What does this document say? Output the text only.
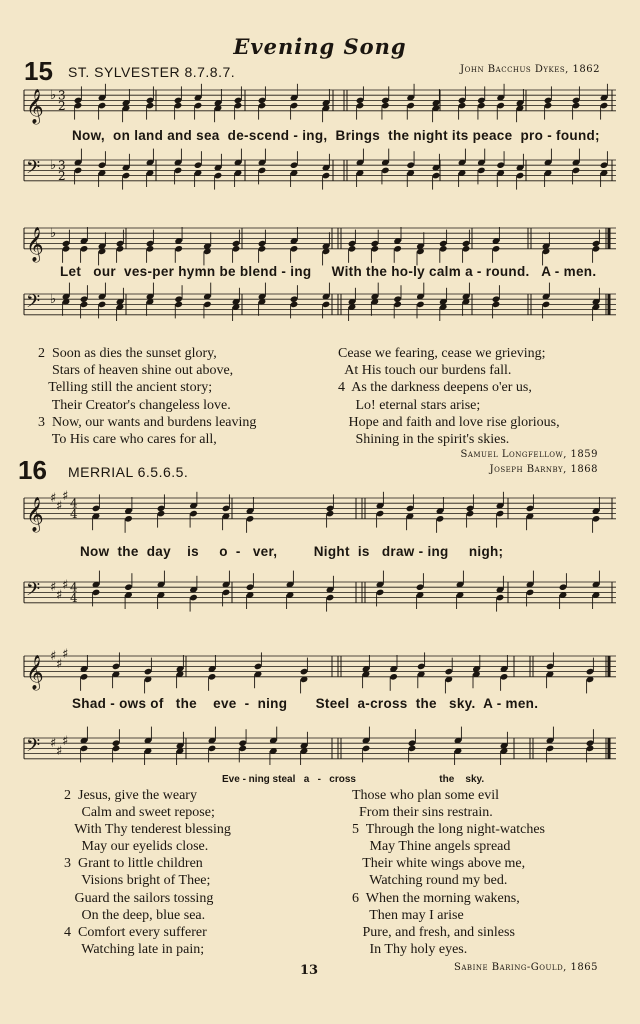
Evening Song
15 ST. SYLVESTER 8.7.8.7.	John Bacchus Dykes, 1862
𝄞 ♭ 3
2
𝄢 ♭ 3
2
𝄞 ♭
𝄢 ♭
𝄞 ♯
♯
♯ 4
4
𝄢 ♯
♯
♯ 4
4
𝄞 ♯
♯
♯
𝄢 ♯
♯
♯
Now,  on land and sea  de-scend - ing,  Brings  the night its peace  pro - found;
Let   our  ves-per hymn be blend - ing     With the ho-ly calm a - round.   A - men.
2  Soon as dies the sunset glory,
Stars of heaven shine out above,
Telling still the ancient story;
Their Creator's changeless love.
3  Now, our wants and burdens leaving
To His care who cares for all,
Cease we fearing, cease we grieving;
At His touch our burdens fall.
4  As the darkness deepens o'er us,
Lo! eternal stars arise;
Hope and faith and love rise glorious,
Shining in the spirit's skies.
Samuel Longfellow, 1859
16 MERRIAL 6.5.6.5.	Joseph Barnby, 1868
Now  the  day    is     o  -   ver,         Night  is   draw - ing     nigh;
Shad - ows of   the    eve  -  ning       Steel  a-cross  the   sky.  A - men.
Eve - ning steal   a   -   cross                              the    sky.
2  Jesus, give the weary
Calm and sweet repose;
With Thy tenderest blessing
May our eyelids close.
3  Grant to little children
Visions bright of Thee;
Guard the sailors tossing
On the deep, blue sea.
4  Comfort every sufferer
Watching late in pain;
Those who plan some evil
From their sins restrain.
5  Through the long night-watches
May Thine angels spread
Their white wings above me,
Watching round my bed.
6  When the morning wakens,
Then may I arise
Pure, and fresh, and sinless
In Thy holy eyes.
13	Sabine Baring-Gould, 1865
